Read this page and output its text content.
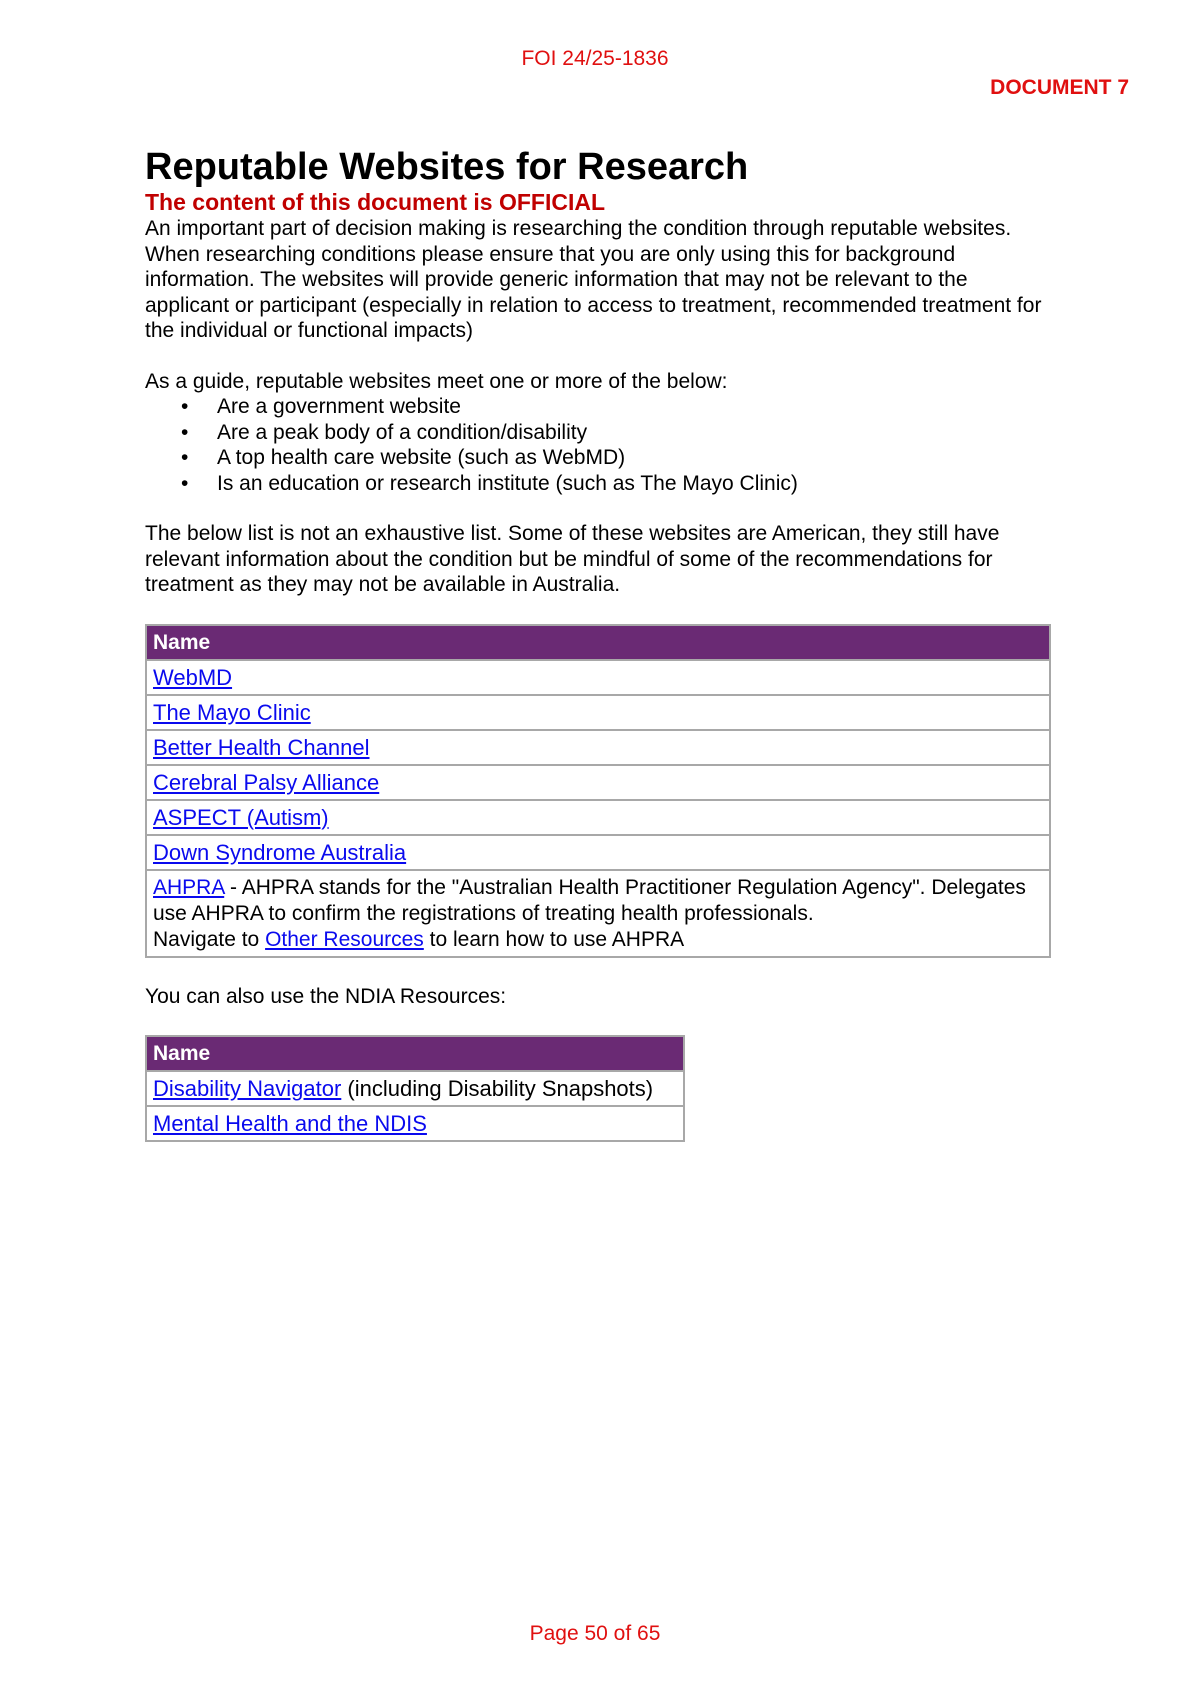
FOI 24/25-1836
DOCUMENT 7
Reputable Websites for Research
The content of this document is OFFICIAL

An important part of decision making is researching the condition through reputable websites. When researching conditions please ensure that you are only using this for background information. The websites will provide generic information that may not be relevant to the applicant or participant (especially in relation to access to treatment, recommended treatment for the individual or functional impacts)

As a guide, reputable websites meet one or more of the below:

• Are a government website
• Are a peak body of a condition/disability
• A top health care website (such as WebMD)
• Is an education or research institute (such as The Mayo Clinic)

The below list is not an exhaustive list. Some of these websites are American, they still have relevant information about the condition but be mindful of some of the recommendations for treatment as they may not be available in Australia.

Name
WebMD
The Mayo Clinic
Better Health Channel
Cerebral Palsy Alliance
ASPECT (Autism)
Down Syndrome Australia
AHPRA - AHPRA stands for the "Australian Health Practitioner Regulation Agency". Delegates use AHPRA to confirm the registrations of treating health professionals.
Navigate to Other Resources to learn how to use AHPRA

You can also use the NDIA Resources:

Name
Disability Navigator (including Disability Snapshots)
Mental Health and the NDIS
Page 50 of 65
